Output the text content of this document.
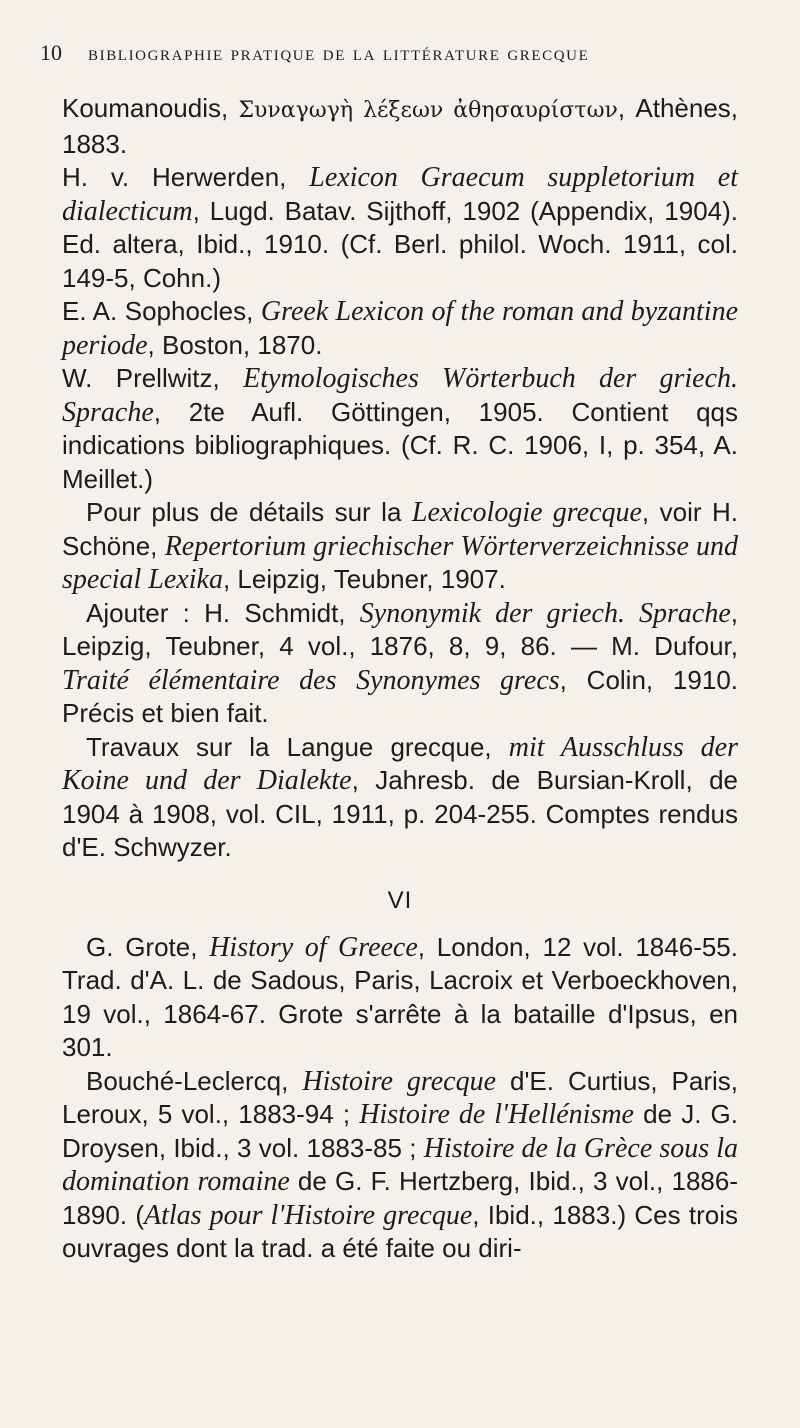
10 bibliographie pratique de la littérature grecque

Koumanoudis, Συναγωγὴ λέξεων ἀθησαυρίστων, Athènes, 1883.

H. v. Herwerden, Lexicon Graecum suppletorium et dialecticum, Lugd. Batav. Sijthoff, 1902 (Appendix, 1904). Ed. altera, Ibid., 1910. (Cf. Berl. philol. Woch. 1911, col. 149-5, Cohn.)

E. A. Sophocles, Greek Lexicon of the roman and byzantine periode, Boston, 1870.

W. Prellwitz, Etymologisches Wörterbuch der griech. Sprache, 2te Aufl. Göttingen, 1905. Contient qqs indications bibliographiques. (Cf. R. C. 1906, I, p. 354, A. Meillet.)

Pour plus de détails sur la Lexicologie grecque, voir H. Schöne, Repertorium griechischer Wörterverzeichnisse und special Lexika, Leipzig, Teubner, 1907.

Ajouter : H. Schmidt, Synonymik der griech. Sprache, Leipzig, Teubner, 4 vol., 1876, 8, 9, 86. — M. Dufour, Traité élémentaire des Synonymes grecs, Colin, 1910. Précis et bien fait.

Travaux sur la Langue grecque, mit Ausschluss der Koine und der Dialekte, Jahresb. de Bursian-Kroll, de 1904 à 1908, vol. CIL, 1911, p. 204-255. Comptes rendus d'E. Schwyzer.

VI

G. Grote, History of Greece, London, 12 vol. 1846-55. Trad. d'A. L. de Sadous, Paris, Lacroix et Verboeckhoven, 19 vol., 1864-67. Grote s'arrête à la bataille d'Ipsus, en 301.

Bouché-Leclercq, Histoire grecque d'E. Curtius, Paris, Leroux, 5 vol., 1883-94 ; Histoire de l'Hellénisme de J. G. Droysen, Ibid., 3 vol. 1883-85 ; Histoire de la Grèce sous la domination romaine de G. F. Hertzberg, Ibid., 3 vol., 1886-1890. (Atlas pour l'Histoire grecque, Ibid., 1883.) Ces trois ouvrages dont la trad. a été faite ou diri-
